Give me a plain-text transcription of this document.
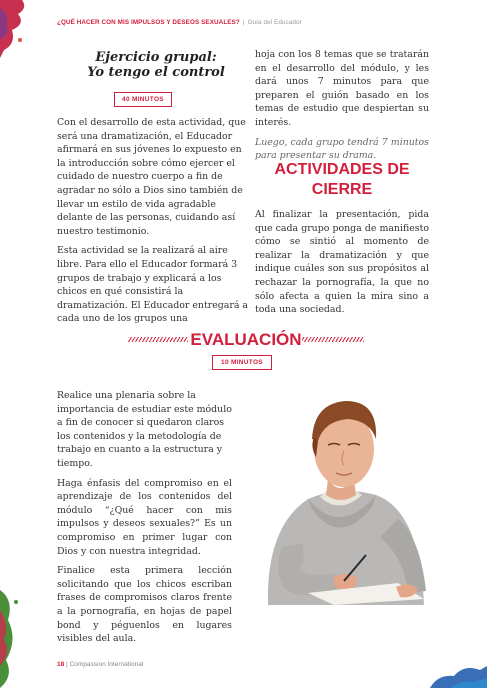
¿QUÉ HACER CON MIS IMPULSOS Y DESEOS SEXUALES? | Guía del Educador
Ejercicio grupal:
Yo tengo el control
40 MINUTOS

Con el desarrollo de esta actividad, que será una dramatización, el Educador afirmará en sus jóvenes lo expuesto en la introducción sobre cómo ejercer el cuidado de nuestro cuerpo a fin de agradar no sólo a Dios sino también de llevar un estilo de vida agradable delante de las personas, cuidando así nuestro testimonio.

Esta actividad se la realizará al aire libre. Para ello el Educador formará 3 grupos de trabajo y explicará a los chicos en qué consistirá la dramatización. El Educador entregará a cada uno de los grupos una

hoja con los 8 temas que se tratarán en el desarrollo del módulo, y les dará unos 7 minutos para que preparen el guión basado en los temas de estudio que despiertan su interés.

Luego, cada grupo tendrá 7 minutos para presentar su drama.

ACTIVIDADES DE
CIERRE

Al finalizar la presentación, pida que cada grupo ponga de manifiesto cómo se sintió al momento de realizar la dramatización y que indique cuáles son sus propósitos al rechazar la pornografía, la que no sólo afecta a quien la mira sino a toda una sociedad.

EVALUACIÓN
10 MINUTOS

Realice una plenaria sobre la importancia de estudiar este módulo a fin de conocer si quedaron claros los contenidos y la metodología de trabajo en cuanto a la estructura y tiempo.

Haga énfasis del compromiso en el aprendizaje de los contenidos del módulo “¿Qué hacer con mis impulsos y deseos sexuales?” Es un compromiso en primer lugar con Dios y con nuestra integridad.

Finalice esta primera lección solicitando que los chicos escriban frases de compromisos claros frente a la pornografía, en hojas de papel bond y péguenlos en lugares visibles del aula.

18 | Compassion International
